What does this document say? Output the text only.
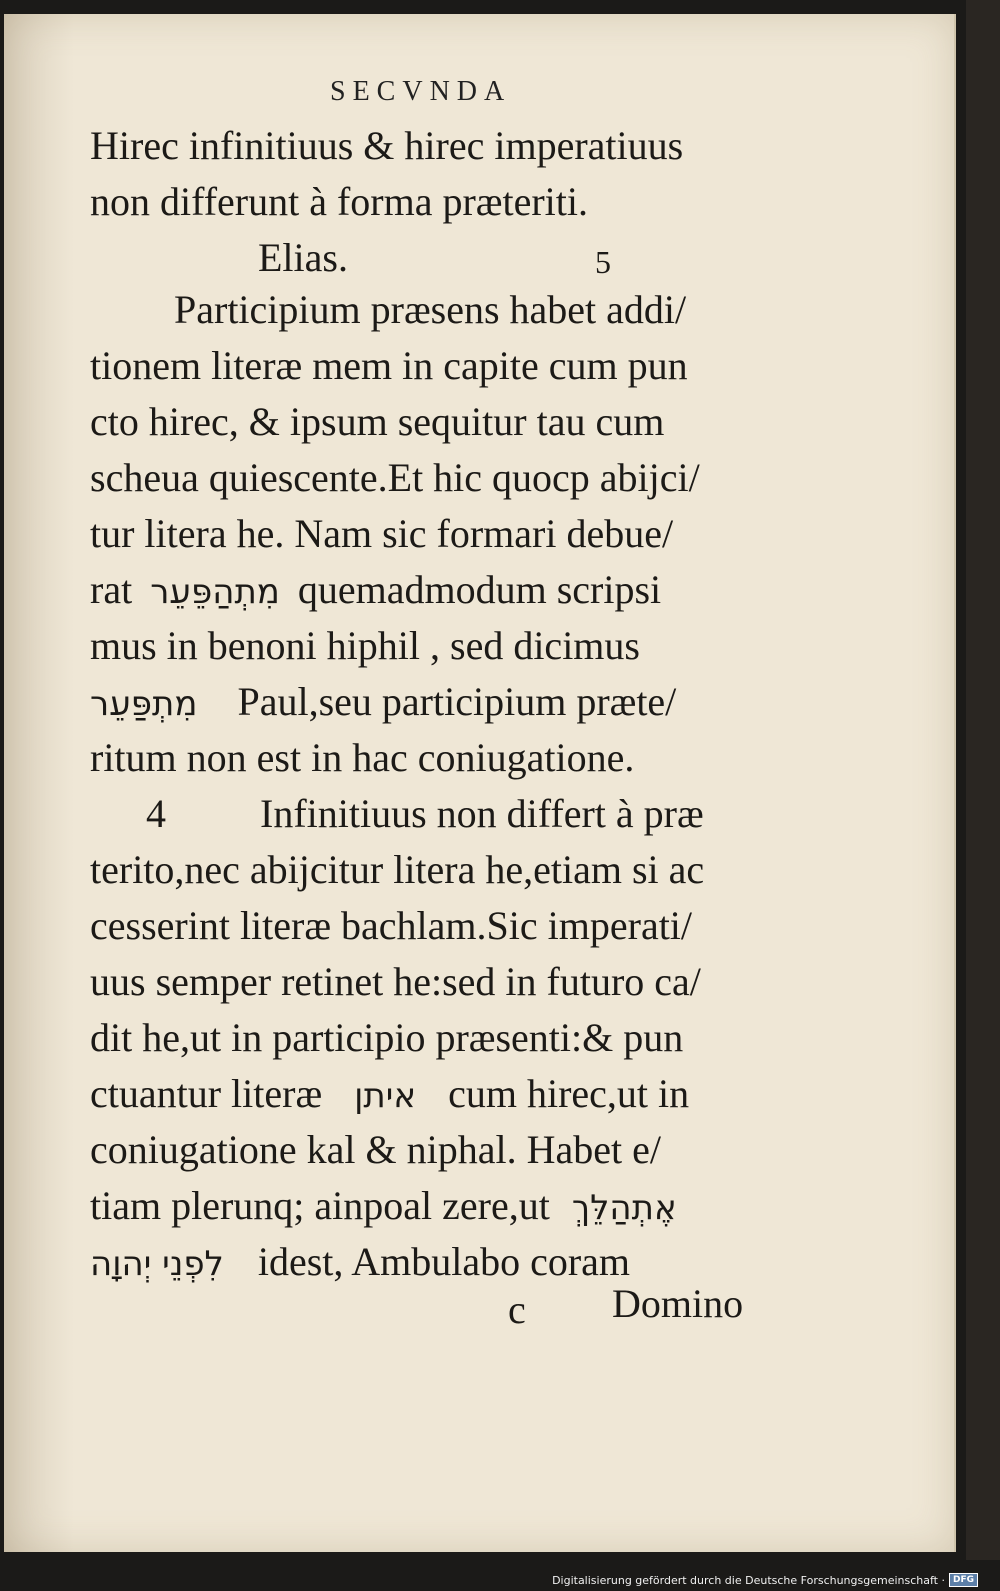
SECVNDA
Hirec infinitiuus & hirec imperatiuus
non differunt à forma præteriti.
Elias.	5
Participium præsens habet addi/
tionem literæ mem in capite cum pun
cto hirec, & ipsum sequitur tau cum
scheua quiescente.Et hic quocp abijci/
tur litera he. Nam sic formari debue/
rat מִתְהַפֵּעֵר quemadmodum scripsi
mus in benoni hiphil , sed dicimus
מִתְפַּעֵר Paul,seu participium præte/
ritum non est in hac coniugatione.
4 Infinitiuus non differt à præ
terito,nec abijcitur litera he,etiam si ac
cesserint literæ bachlam.Sic imperati/
uus semper retinet he:sed in futuro ca/
dit he,ut in participio præsenti:& pun
ctuantur literæ איתן cum hirec,ut in
coniugatione kal & niphal. Habet e/
tiam plerunq; ainpoal zere,ut אֶתְהַלֵּךְ
לִפְנֵי יְהוָה idest, Ambulabo coram
c Domino
Digitalisierung gefördert durch die Deutsche Forschungsgemeinschaft · DFG
